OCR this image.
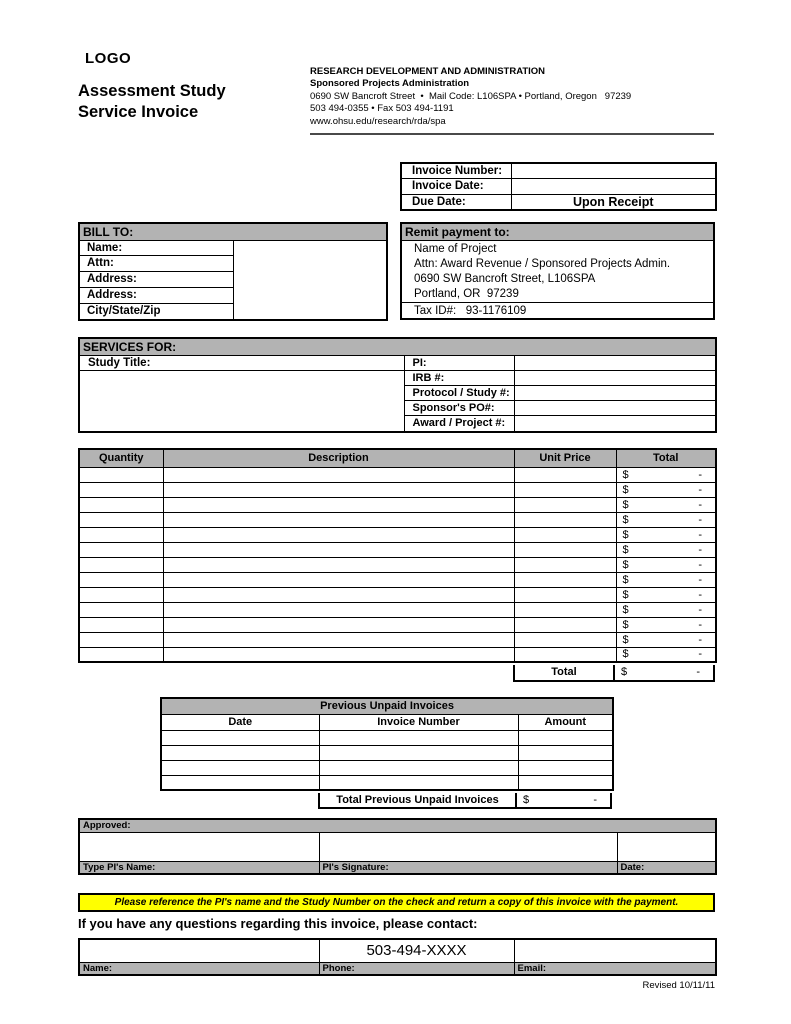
LOGO
Assessment Study
Service Invoice
RESEARCH DEVELOPMENT AND ADMINISTRATION
Sponsored Projects Administration
0690 SW Bancroft Street  •  Mail Code: L106SPA • Portland, Oregon   97239
503 494-0355 • Fax 503 494-1191
www.ohsu.edu/research/rda/spa
Invoice Number:	
Invoice Date:	
Due Date:	Upon Receipt
BILL TO:

Name:
Attn:
Address:
Address:
City/State/Zip

Remit payment to:

Name of Project
Attn: Award Revenue / Sponsored Projects Admin.
0690 SW Bancroft Street, L106SPA
Portland, OR  97239

Tax ID#:   93-1176109
SERVICES FOR:

Study Title:
		PI:	
IRB #:	
Protocol / Study #:	
Sponsor's PO#:	
Award / Project #:	
Quantity	Description	Unit Price	Total

			$ -

			$ -

			$ -

			$ -

			$ -

			$ -

			$ -

			$ -

			$ -

			$ -

			$ -

			$ -

			$ -
Total	$	-
Previous Unpaid Invoices		
Date	Invoice Number	Amount

Total Previous Unpaid Invoices	$	-
Approved:		

Type PI's Name:	PI's Signature:	Date:
Please reference the PI's name and the Study Number on the check and return a copy of this invoice with the payment.
If you have any questions regarding this invoice, please contact:
	503-494-XXXX	
Name:	Phone:	Email:
Revised 10/11/11
